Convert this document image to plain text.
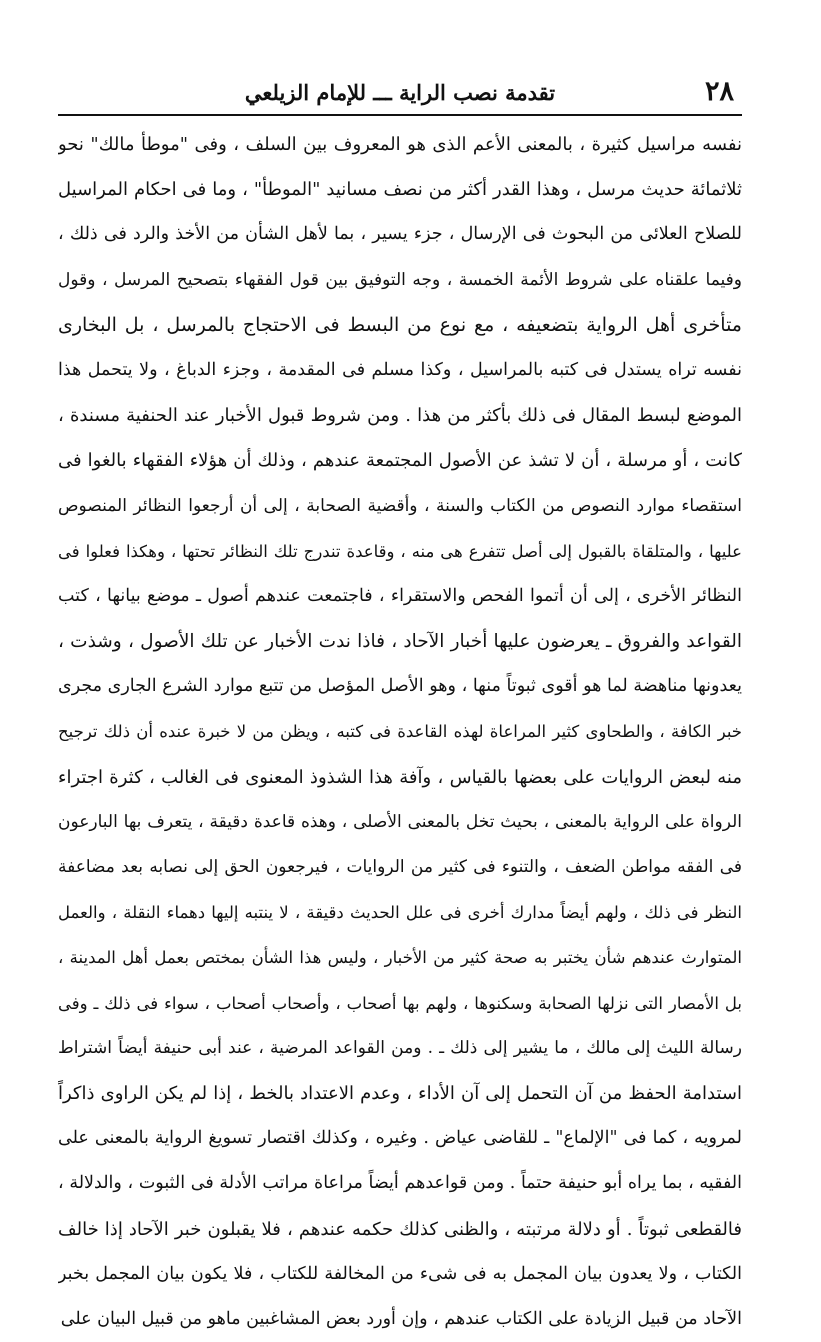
٢٨
تقدمة نصب الراية ـــ للإمام الزيلعي
نفسه مراسيل كثيرة ، بالمعنى الأعم الذى هو المعروف بين السلف ، وفى "موطأ مالك" نحو
ثلاثمائة حديث مرسل ، وهذا القدر أكثر من نصف مسانيد "الموطأ" ، وما فى احكام المراسيل
للصلاح العلائى من البحوث فى الإرسال ، جزء يسير ، بما لأهل الشأن من الأخذ والرد فى ذلك ،
وفيما علقناه على شروط الأئمة الخمسة ، وجه التوفيق بين قول الفقهاء بتصحيح المرسل ، وقول
متأخرى أهل الرواية بتضعيفه ، مع نوع من البسط فى الاحتجاج بالمرسل ، بل البخارى
نفسه تراه يستدل فى كتبه بالمراسيل ، وكذا مسلم فى المقدمة ، وجزء الدباغ ، ولا يتحمل هذا
الموضع لبسط المقال فى ذلك بأكثر من هذا . ومن شروط قبول الأخبار عند الحنفية مسندة ،
كانت ، أو مرسلة ، أن لا تشذ عن الأصول المجتمعة عندهم ، وذلك أن هؤلاء الفقهاء بالغوا فى
استقصاء موارد النصوص من الكتاب والسنة ، وأقضية الصحابة ، إلى أن أرجعوا النظائر المنصوص
عليها ، والمتلقاة بالقبول إلى أصل تتفرع هى منه ، وقاعدة تندرج تلك النظائر تحتها ، وهكذا فعلوا فى
النظائر الأخرى ، إلى أن أتموا الفحص والاستقراء ، فاجتمعت عندهم أصول ـ موضع بيانها ، كتب
القواعد والفروق ـ يعرضون عليها أخبار الآحاد ، فاذا ندت الأخبار عن تلك الأصول ، وشذت ،
يعدونها مناهضة لما هو أقوى ثبوتاً منها ، وهو الأصل المؤصل من تتبع موارد الشرع الجارى مجرى
خبر الكافة ، والطحاوى كثير المراعاة لهذه القاعدة فى كتبه ، ويظن من لا خبرة عنده أن ذلك ترجيح
منه لبعض الروايات على بعضها بالقياس ، وآفة هذا الشذوذ المعنوى فى الغالب ، كثرة اجتراء
الرواة على الرواية بالمعنى ، بحيث تخل بالمعنى الأصلى ، وهذه قاعدة دقيقة ، يتعرف بها البارعون
فى الفقه مواطن الضعف ، والتنوء فى كثير من الروايات ، فيرجعون الحق إلى نصابه بعد مضاعفة
النظر فى ذلك ، ولهم أيضاً مدارك أخرى فى علل الحديث دقيقة ، لا ينتبه إليها دهماء النقلة ، والعمل
المتوارث عندهم شأن يختبر به صحة كثير من الأخبار ، وليس هذا الشأن بمختص بعمل أهل المدينة ،
بل الأمصار التى نزلها الصحابة وسكنوها ، ولهم بها أصحاب ، وأصحاب أصحاب ، سواء فى ذلك ـ وفى
رسالة الليث إلى مالك ، ما يشير إلى ذلك ـ . ومن القواعد المرضية ، عند أبى حنيفة أيضاً اشتراط
استدامة الحفظ من آن التحمل إلى آن الأداء ، وعدم الاعتداد بالخط ، إذا لم يكن الراوى ذاكراً
لمرويه ، كما فى "الإلماع" ـ للقاضى عياض . وغيره ، وكذلك اقتصار تسويغ الرواية بالمعنى على
الفقيه ، بما يراه أبو حنيفة حتماً . ومن قواعدهم أيضاً مراعاة مراتب الأدلة فى الثبوت ، والدلالة ،
فالقطعى ثبوتاً . أو دلالة مرتبته ، والظنى كذلك حكمه عندهم ، فلا يقبلون خبر الآحاد إذا خالف
الكتاب ، ولا يعدون بيان المجمل به فى شىء من المخالفة للكتاب ، فلا يكون بيان المجمل بخبر
الآحاد من قبيل الزيادة على الكتاب عندهم ، وإن أورد بعض المشاغبين ماهو من قبيل البيان على
